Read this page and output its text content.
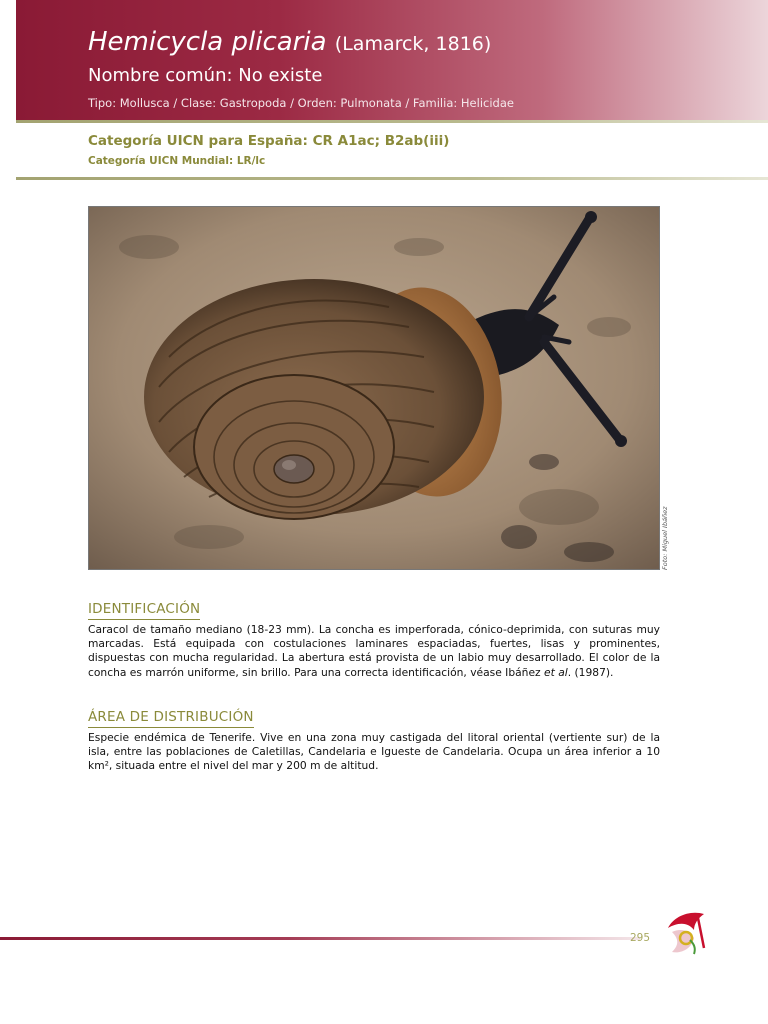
Hemicycla plicaria (Lamarck, 1816)
Nombre común: No existe
Tipo: Mollusca / Clase: Gastropoda / Orden: Pulmonata / Familia: Helicidae
Categoría UICN para España: CR A1ac; B2ab(iii)
Categoría UICN Mundial: LR/lc
Foto: Miguel Ibáñez
IDENTIFICACIÓN

Caracol de tamaño mediano (18-23 mm). La concha es imperforada, cónico-deprimida, con suturas muy marcadas. Está equipada con costulaciones laminares espaciadas, fuertes, lisas y prominentes, dispuestas con mucha regularidad. La abertura está provista de un labio muy desarrollado. El color de la concha es marrón uniforme, sin brillo. Para una correcta identificación, véase Ibáñez et al. (1987).

ÁREA DE DISTRIBUCIÓN

Especie endémica de Tenerife. Vive en una zona muy castigada del litoral oriental (vertiente sur) de la isla, entre las poblaciones de Caletillas, Candelaria e Igueste de Candelaria. Ocupa un área inferior a 10 km², situada entre el nivel del mar y 200 m de altitud.

295
